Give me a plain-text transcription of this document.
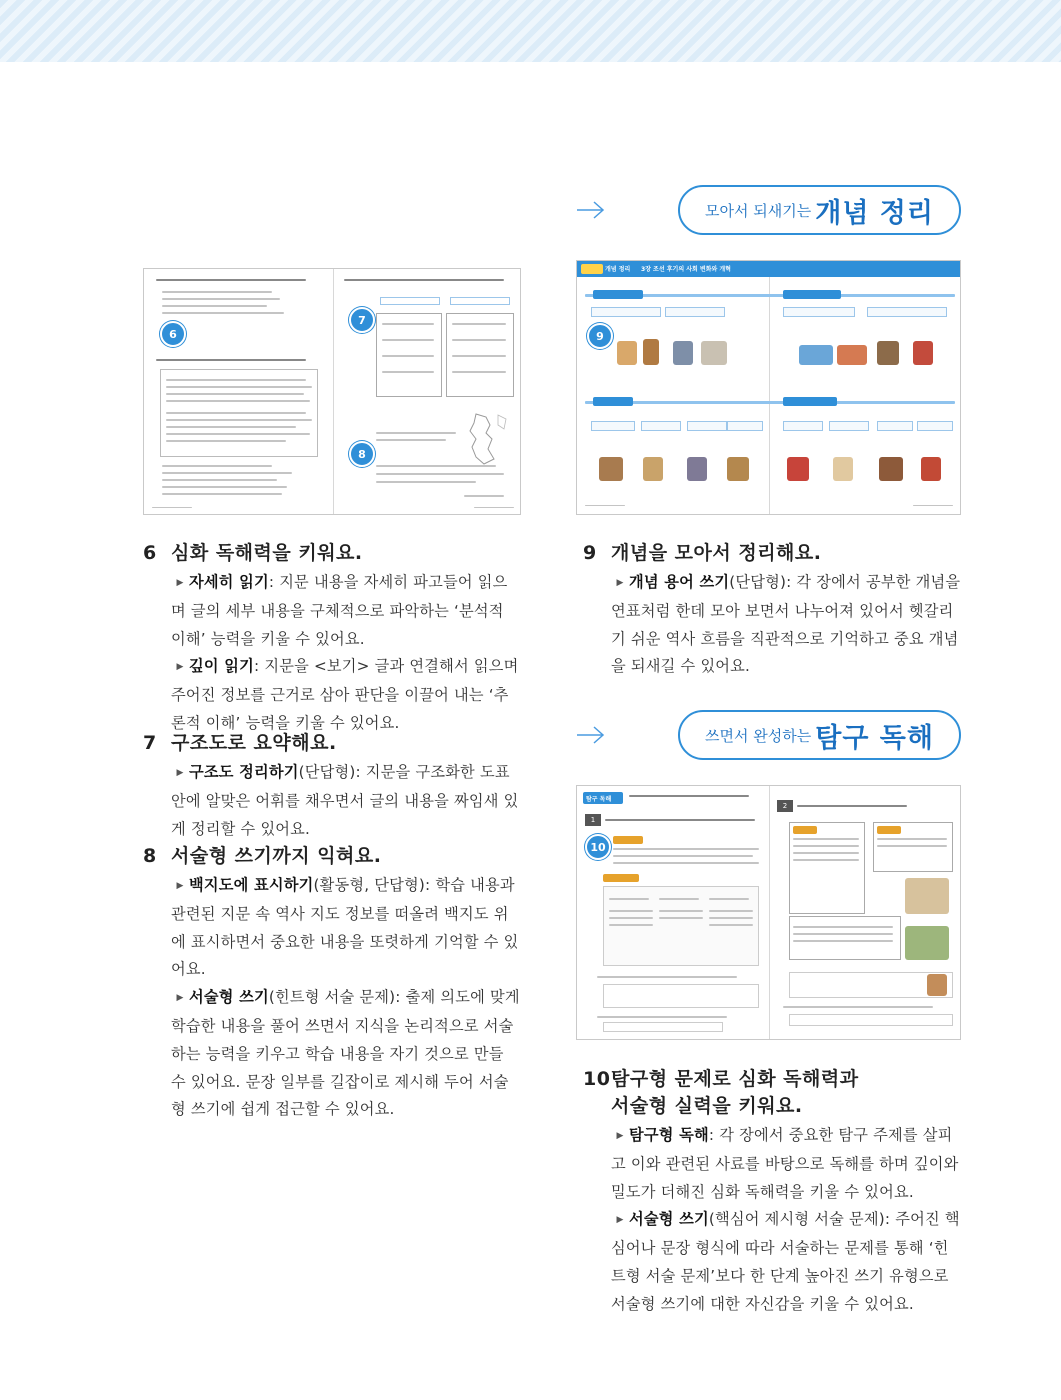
모아서 되새기는 개념 정리
쓰면서 완성하는 탐구 독해
6
7
8
개념 정리 3장 조선 후기의 사회 변화와 개혁
9
탐구 독해
1
10
2
6 심화 독해력을 키워요.

▶ 자세히 읽기: 지문 내용을 자세히 파고들어 읽으며 글의 세부 내용을 구체적으로 파악하는 ‘분석적 이해’ 능력을 키울 수 있어요.
▶ 깊이 읽기: 지문을 <보기> 글과 연결해서 읽으며 주어진 정보를 근거로 삼아 판단을 이끌어 내는 ‘추론적 이해’ 능력을 키울 수 있어요.

7 구조도로 요약해요.

▶ 구조도 정리하기(단답형): 지문을 구조화한 도표 안에 알맞은 어휘를 채우면서 글의 내용을 짜임새 있게 정리할 수 있어요.

8 서술형 쓰기까지 익혀요.

▶ 백지도에 표시하기(활동형, 단답형): 학습 내용과 관련된 지문 속 역사 지도 정보를 떠올려 백지도 위에 표시하면서 중요한 내용을 또렷하게 기억할 수 있어요.
▶ 서술형 쓰기(힌트형 서술 문제): 출제 의도에 맞게 학습한 내용을 풀어 쓰면서 지식을 논리적으로 서술하는 능력을 키우고 학습 내용을 자기 것으로 만들 수 있어요. 문장 일부를 길잡이로 제시해 두어 서술형 쓰기에 쉽게 접근할 수 있어요.

9 개념을 모아서 정리해요.

▶ 개념 용어 쓰기(단답형): 각 장에서 공부한 개념을 연표처럼 한데 모아 보면서 나누어져 있어서 헷갈리기 쉬운 역사 흐름을 직관적으로 기억하고 중요 개념을 되새길 수 있어요.

10탐구형 문제로 심화 독해력과
서술형 실력을 키워요.

▶ 탐구형 독해: 각 장에서 중요한 탐구 주제를 살피고 이와 관련된 사료를 바탕으로 독해를 하며 깊이와 밀도가 더해진 심화 독해력을 키울 수 있어요.
▶ 서술형 쓰기(핵심어 제시형 서술 문제): 주어진 핵심어나 문장 형식에 따라 서술하는 문제를 통해 ‘힌트형 서술 문제’보다 한 단계 높아진 쓰기 유형으로 서술형 쓰기에 대한 자신감을 키울 수 있어요.
